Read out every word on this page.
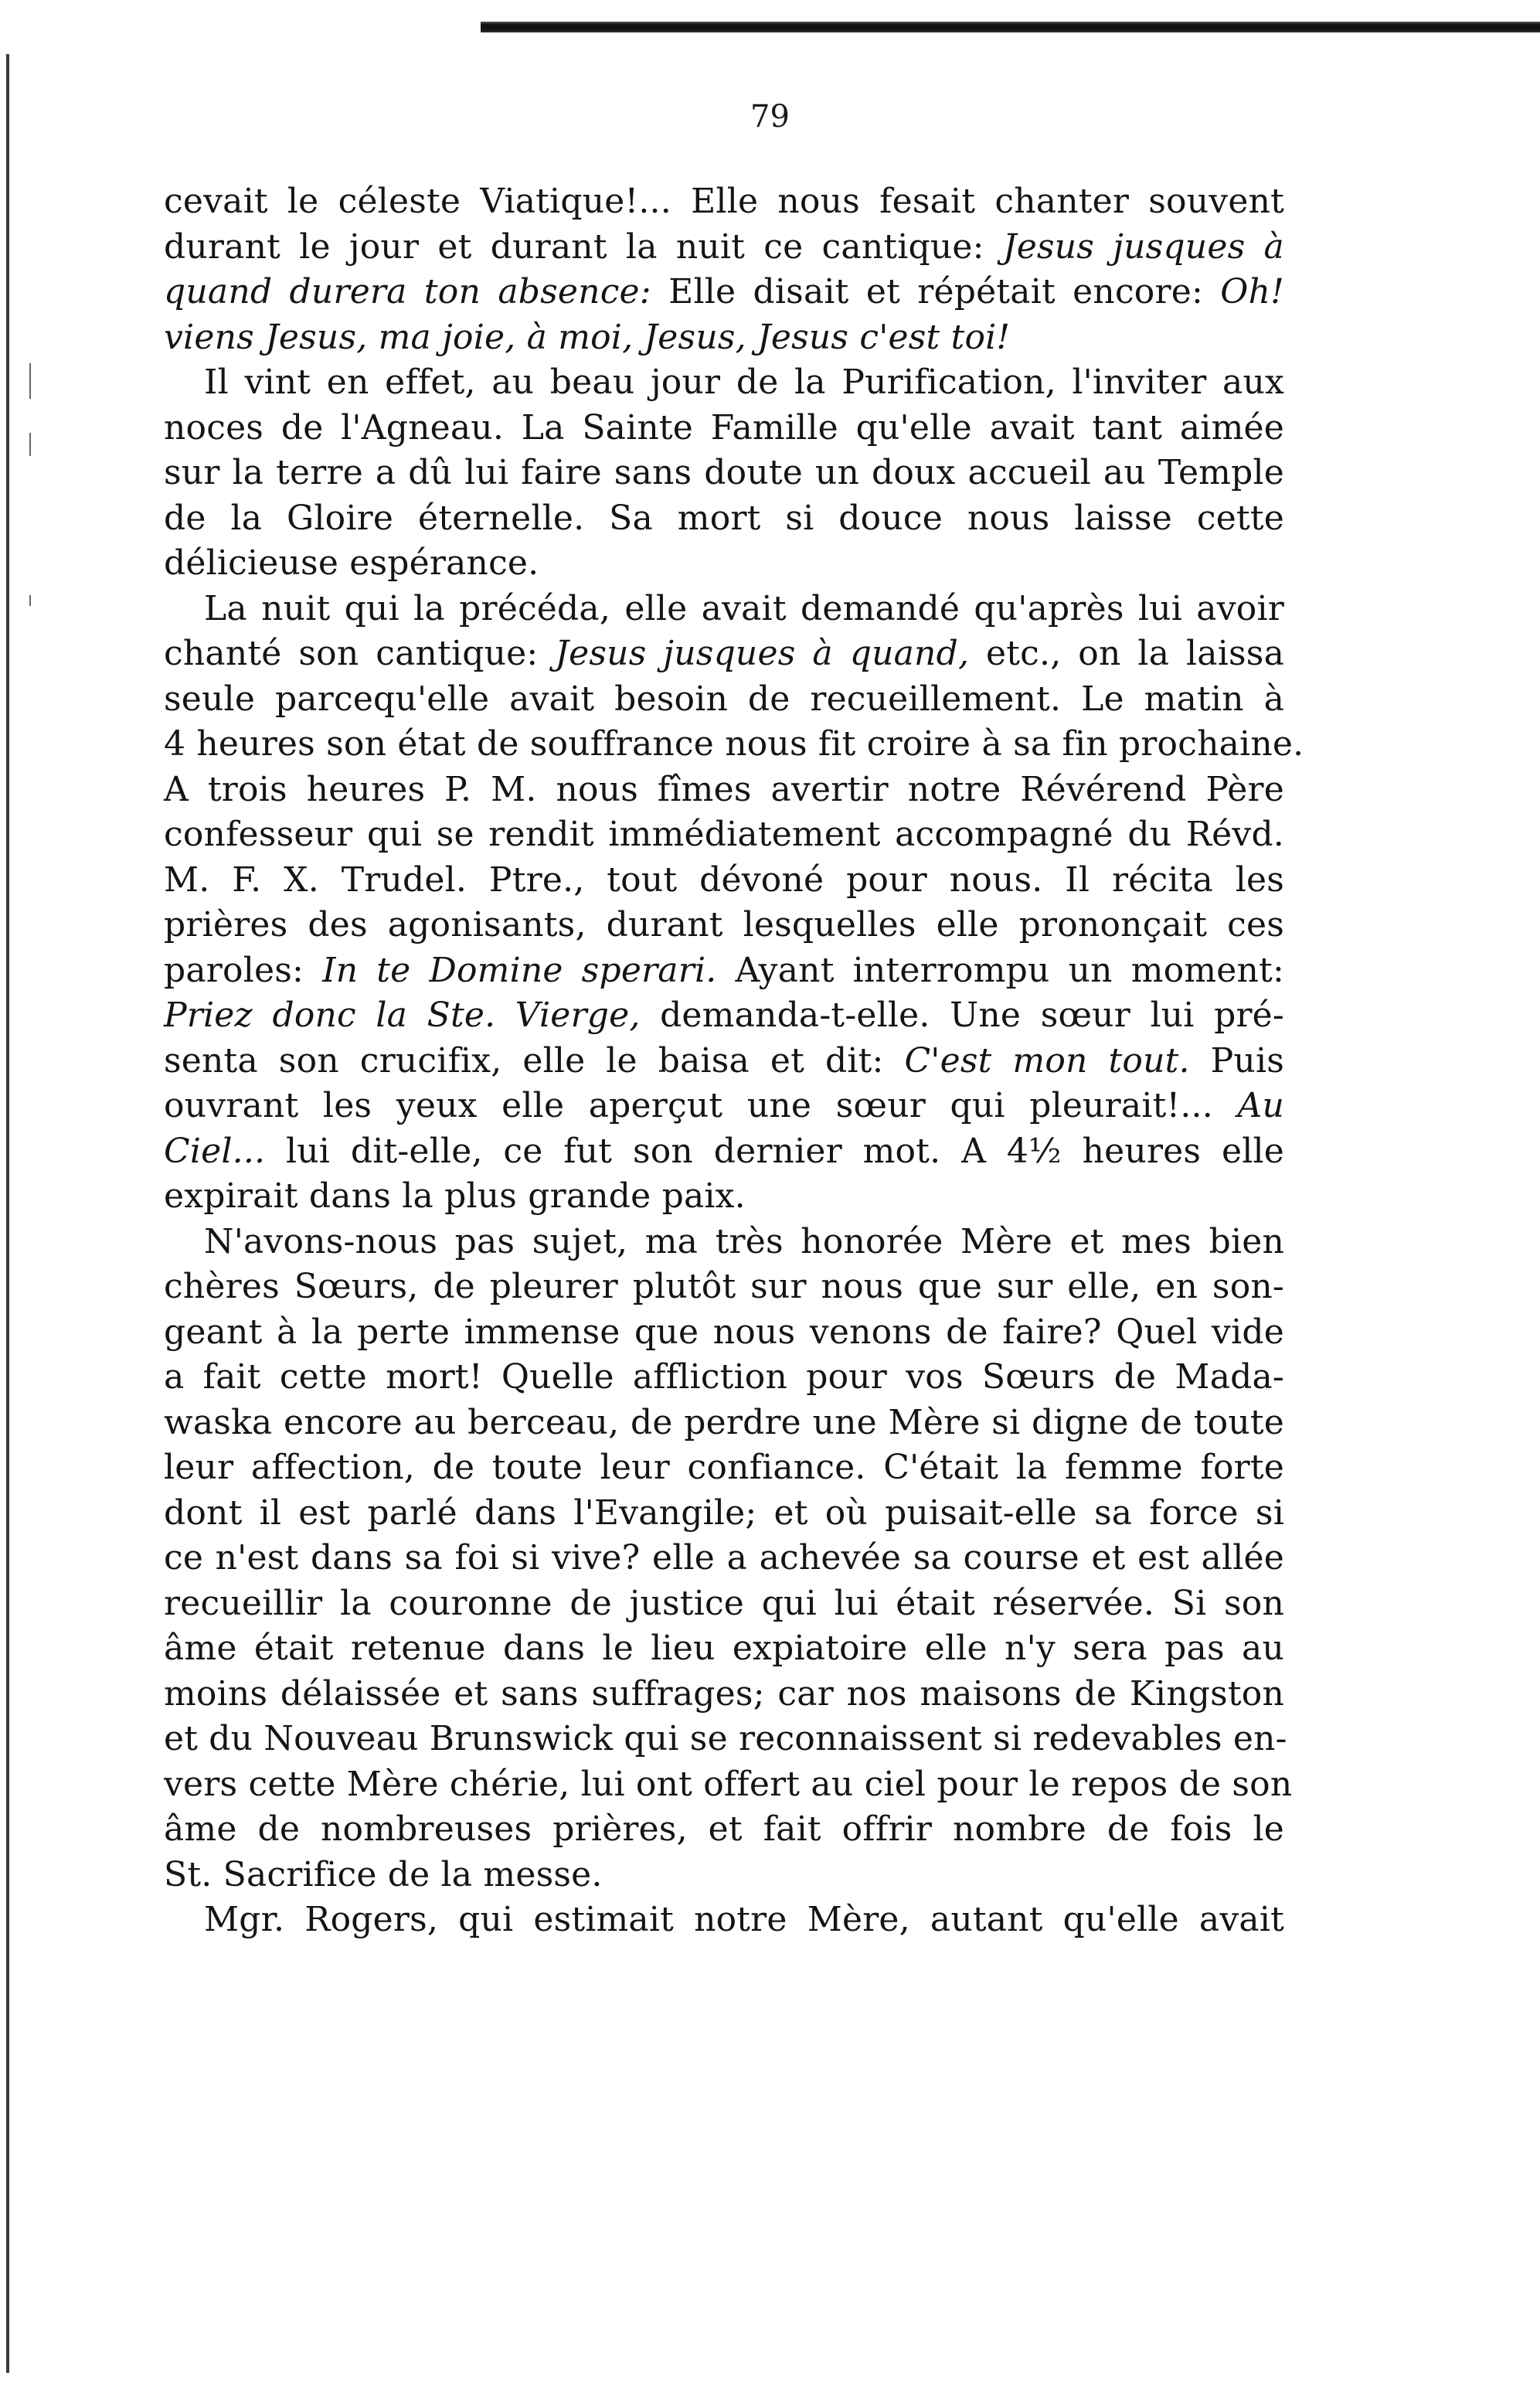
79
cevait le céleste Viatique!... Elle nous fesait chanter souvent
durant le jour et durant la nuit ce cantique: Jesus jusques à
quand durera ton absence: Elle disait et répétait encore: Oh!
viens Jesus, ma joie, à moi, Jesus, Jesus c'est toi!
Il vint en effet, au beau jour de la Purification, l'inviter aux
noces de l'Agneau. La Sainte Famille qu'elle avait tant aimée
sur la terre a dû lui faire sans doute un doux accueil au Temple
de la Gloire éternelle. Sa mort si douce nous laisse cette
délicieuse espérance.
La nuit qui la précéda, elle avait demandé qu'après lui avoir
chanté son cantique: Jesus jusques à quand, etc., on la laissa
seule parcequ'elle avait besoin de recueillement. Le matin à
4 heures son état de souffrance nous fit croire à sa fin prochaine.
A trois heures P. M. nous fîmes avertir notre Révérend Père
confesseur qui se rendit immédiatement accompagné du Révd.
M. F. X. Trudel. Ptre., tout dévoné pour nous. Il récita les
prières des agonisants, durant lesquelles elle prononçait ces
paroles: In te Domine sperari. Ayant interrompu un moment:
Priez donc la Ste. Vierge, demanda-t-elle. Une sœur lui pré-
senta son crucifix, elle le baisa et dit: C'est mon tout. Puis
ouvrant les yeux elle aperçut une sœur qui pleurait!... Au
Ciel... lui dit-elle, ce fut son dernier mot. A 4½ heures elle
expirait dans la plus grande paix.
N'avons-nous pas sujet, ma très honorée Mère et mes bien
chères Sœurs, de pleurer plutôt sur nous que sur elle, en son-
geant à la perte immense que nous venons de faire? Quel vide
a fait cette mort! Quelle affliction pour vos Sœurs de Mada-
waska encore au berceau, de perdre une Mère si digne de toute
leur affection, de toute leur confiance. C'était la femme forte
dont il est parlé dans l'Evangile; et où puisait-elle sa force si
ce n'est dans sa foi si vive? elle a achevée sa course et est allée
recueillir la couronne de justice qui lui était réservée. Si son
âme était retenue dans le lieu expiatoire elle n'y sera pas au
moins délaissée et sans suffrages; car nos maisons de Kingston
et du Nouveau Brunswick qui se reconnaissent si redevables en-
vers cette Mère chérie, lui ont offert au ciel pour le repos de son
âme de nombreuses prières, et fait offrir nombre de fois le
St. Sacrifice de la messe.
Mgr. Rogers, qui estimait notre Mère, autant qu'elle avait
